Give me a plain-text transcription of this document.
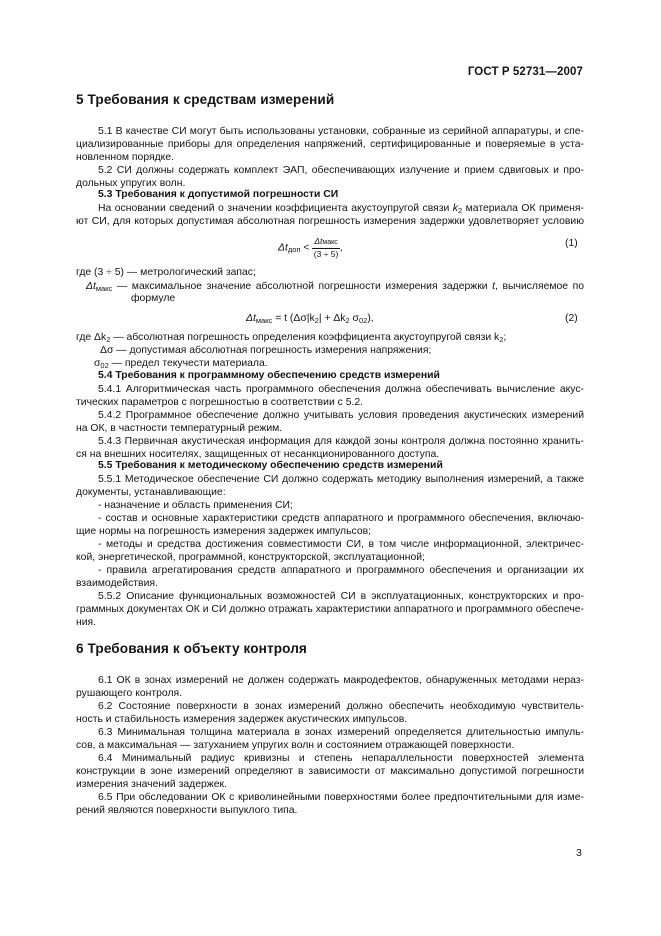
ГОСТ Р 52731—2007
5 Требования к средствам измерений
5.1 В качестве СИ могут быть использованы установки, собранные из серийной аппаратуры, и спе-
циализированные приборы для определения напряжений, сертифицированные и поверяемые в уста-
новленном порядке.
5.2 СИ должны содержать комплект ЭАП, обеспечивающих излучение и прием сдвиговых и про-
дольных упругих волн.
5.3 Требования к допустимой погрешности СИ
На основании сведений о значении коэффициента акустоупругой связи k2 материала ОК применя-
ют СИ, для которых допустимая абсолютная погрешность измерения задержки удовлетворяет условию
Δtдоп < $\frac{\text{Δtмакс}}{(3 \div 5)}$ ,	(1)
где (3 ÷ 5) — метрологический запас;
Δtмакс — максимальное значение абсолютной погрешности измерения задержки t, вычисляемое по
формуле
Δtмакс = t (Δσ|k2| + Δk2 σ02),	(2)
где Δk2 — абсолютная погрешность определения коэффициента акустоупругой связи k2;
Δσ — допустимая абсолютная погрешность измерения напряжения;
σ02 — предел текучести материала.
5.4 Требования к программному обеспечению средств измерений
5.4.1 Алгоритмическая часть программного обеспечения должна обеспечивать вычисление акус-
тических параметров с погрешностью в соответствии с 5.2.
5.4.2 Программное обеспечение должно учитывать условия проведения акустических измерений
на ОК, в частности температурный режим.
5.4.3 Первичная акустическая информация для каждой зоны контроля должна постоянно хранить-
ся на внешних носителях, защищенных от несанкционированного доступа.
5.5 Требования к методическому обеспечению средств измерений
5.5.1 Методическое обеспечение СИ должно содержать методику выполнения измерений, а также
документы, устанавливающие:
- назначение и область применения СИ;
- состав и основные характеристики средств аппаратного и программного обеспечения, включаю-
щие нормы на погрешность измерения задержек импульсов;
- методы и средства достижения совместимости СИ, в том числе информационной, электричес-
кой, энергетической, программной, конструкторской, эксплуатационной;
- правила агрегатирования средств аппаратного и программного обеспечения и организации их
взаимодействия.
5.5.2 Описание функциональных возможностей СИ в эксплуатационных, конструкторских и про-
граммных документах ОК и СИ должно отражать характеристики аппаратного и программного обеспече-
ния.
6 Требования к объекту контроля
6.1 ОК в зонах измерений не должен содержать макродефектов, обнаруженных методами нераз-
рушающего контроля.
6.2 Состояние поверхности в зонах измерений должно обеспечить необходимую чувствитель-
ность и стабильность измерения задержек акустических импульсов.
6.3 Минимальная толщина материала в зонах измерений определяется длительностью импуль-
сов, а максимальная — затуханием упругих волн и состоянием отражающей поверхности.
6.4 Минимальный радиус кривизны и степень непараллельности поверхностей элемента
конструкции в зоне измерений определяют в зависимости от максимально допустимой погрешности
измерения значений задержек.
6.5 При обследовании ОК с криволинейными поверхностями более предпочтительными для изме-
рений являются поверхности выпуклого типа.
3
